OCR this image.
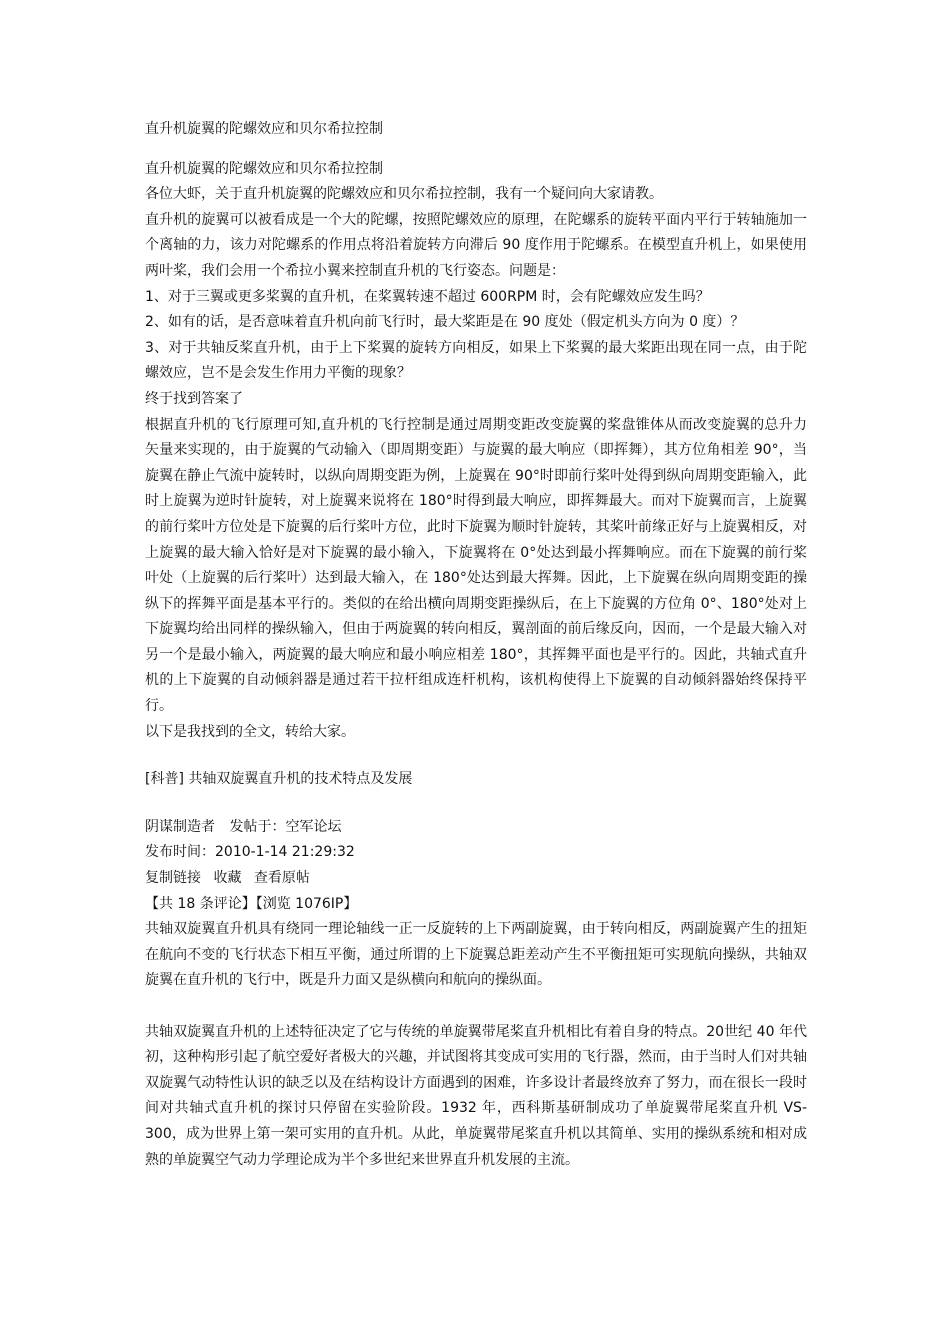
直升机旋翼的陀螺效应和贝尔希拉控制

直升机旋翼的陀螺效应和贝尔希拉控制

各位大虾，关于直升机旋翼的陀螺效应和贝尔希拉控制，我有一个疑问向大家请教。

直升机的旋翼可以被看成是一个大的陀螺，按照陀螺效应的原理，在陀螺系的旋转平面内平行于转轴施加一个离轴的力，该力对陀螺系的作用点将沿着旋转方向滞后 90 度作用于陀螺系。在模型直升机上，如果使用两叶桨，我们会用一个希拉小翼来控制直升机的飞行姿态。问题是：

1、对于三翼或更多桨翼的直升机，在桨翼转速不超过 600RPM 时，会有陀螺效应发生吗？

2、如有的话，是否意味着直升机向前飞行时，最大桨距是在 90 度处（假定机头方向为 0 度）？

3、对于共轴反桨直升机，由于上下桨翼的旋转方向相反，如果上下桨翼的最大桨距出现在同一点，由于陀螺效应，岂不是会发生作用力平衡的现象？

终于找到答案了

根据直升机的飞行原理可知,直升机的飞行控制是通过周期变距改变旋翼的桨盘锥体从而改变旋翼的总升力矢量来实现的，由于旋翼的气动输入（即周期变距）与旋翼的最大响应（即挥舞），其方位角相差 90°，当旋翼在静止气流中旋转时，以纵向周期变距为例，上旋翼在 90°时即前行桨叶处得到纵向周期变距输入，此时上旋翼为逆时针旋转，对上旋翼来说将在 180°时得到最大响应，即挥舞最大。而对下旋翼而言，上旋翼的前行桨叶方位处是下旋翼的后行桨叶方位，此时下旋翼为顺时针旋转，其桨叶前缘正好与上旋翼相反，对上旋翼的最大输入恰好是对下旋翼的最小输入，下旋翼将在 0°处达到最小挥舞响应。而在下旋翼的前行桨叶处（上旋翼的后行桨叶）达到最大输入，在 180°处达到最大挥舞。因此，上下旋翼在纵向周期变距的操纵下的挥舞平面是基本平行的。类似的在给出横向周期变距操纵后，在上下旋翼的方位角 0°、180°处对上下旋翼均给出同样的操纵输入，但由于两旋翼的转向相反，翼剖面的前后缘反向，因而，一个是最大输入对另一个是最小输入，两旋翼的最大响应和最小响应相差 180°，其挥舞平面也是平行的。因此，共轴式直升机的上下旋翼的自动倾斜器是通过若干拉杆组成连杆机构，该机构使得上下旋翼的自动倾斜器始终保持平行。

以下是我找到的全文，转给大家。

[科普] 共轴双旋翼直升机的技术特点及发展

阴谋制造者 发帖于：空军论坛

发布时间：2010-1-14 21:29:32

复制链接 收藏 查看原帖

【共 18 条评论】【浏览 1076IP】

共轴双旋翼直升机具有绕同一理论轴线一正一反旋转的上下两副旋翼，由于转向相反，两副旋翼产生的扭矩在航向不变的飞行状态下相互平衡，通过所谓的上下旋翼总距差动产生不平衡扭矩可实现航向操纵，共轴双旋翼在直升机的飞行中，既是升力面又是纵横向和航向的操纵面。

共轴双旋翼直升机的上述特征决定了它与传统的单旋翼带尾桨直升机相比有着自身的特点。20世纪 40 年代初，这种构形引起了航空爱好者极大的兴趣，并试图将其变成可实用的飞行器，然而，由于当时人们对共轴双旋翼气动特性认识的缺乏以及在结构设计方面遇到的困难，许多设计者最终放弃了努力，而在很长一段时间对共轴式直升机的探讨只停留在实验阶段。1932 年，西科斯基研制成功了单旋翼带尾桨直升机 VS-300，成为世界上第一架可实用的直升机。从此，单旋翼带尾桨直升机以其简单、实用的操纵系统和相对成熟的单旋翼空气动力学理论成为半个多世纪来世界直升机发展的主流。
